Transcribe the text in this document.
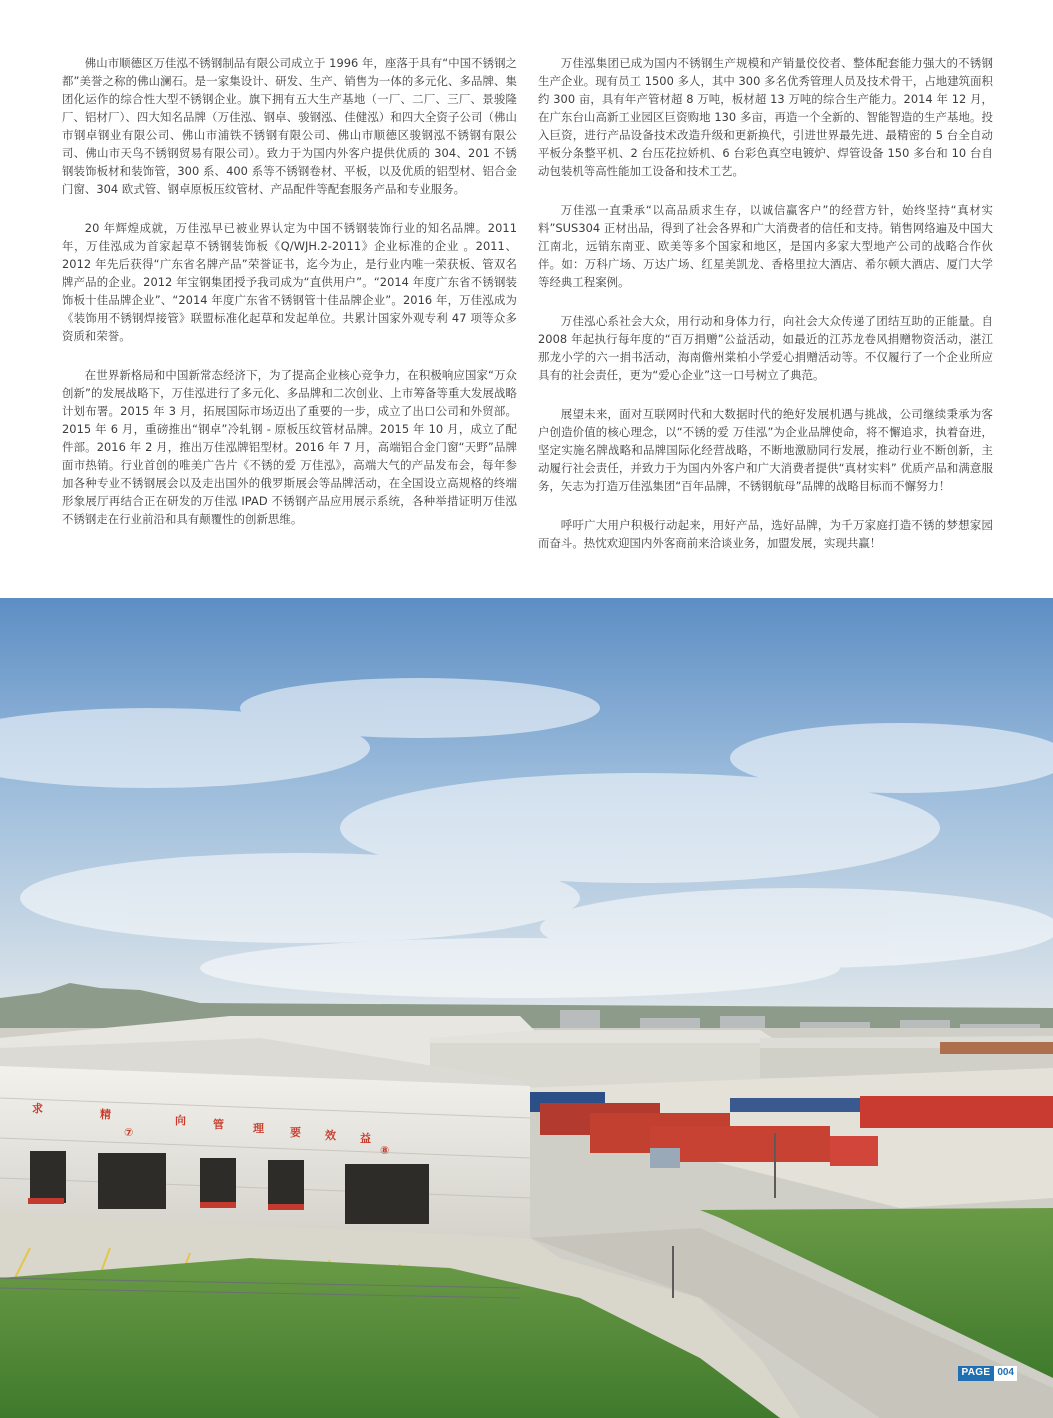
佛山市顺德区万佳泓不锈钢制品有限公司成立于 1996 年，座落于具有“中国不锈钢之都”美誉之称的佛山澜石。是一家集设计、研发、生产、销售为一体的多元化、多品牌、集团化运作的综合性大型不锈钢企业。旗下拥有五大生产基地（一厂、二厂、三厂、景骏隆厂、铝材厂）、四大知名品牌（万佳泓、钢卓、骏钢泓、佳健泓）和四大全资子公司（佛山市钢卓钢业有限公司、佛山市浦铁不锈钢有限公司、佛山市顺德区骏钢泓不锈钢有限公司、佛山市天鸟不锈钢贸易有限公司）。致力于为国内外客户提供优质的 304、201 不锈钢装饰板材和装饰管，300 系、400 系等不锈钢卷材、平板，以及优质的铝型材、铝合金门窗、304 欧式管、钢卓原板压纹管材、产品配件等配套服务产品和专业服务。

20 年辉煌成就，万佳泓早已被业界认定为中国不锈钢装饰行业的知名品牌。2011 年，万佳泓成为首家起草不锈钢装饰板《Q/WJH.2-2011》企业标准的企业 。2011、2012 年先后获得“广东省名牌产品”荣誉证书，迄今为止，是行业内唯一荣获板、管双名牌产品的企业。2012 年宝钢集团授予我司成为“直供用户”。“2014 年度广东省不锈钢装饰板十佳品牌企业”、“2014 年度广东省不锈钢管十佳品牌企业”。2016 年，万佳泓成为《装饰用不锈钢焊接管》联盟标准化起草和发起单位。共累计国家外观专利 47 项等众多资质和荣誉。

在世界新格局和中国新常态经济下，为了提高企业核心竞争力，在积极响应国家“万众创新”的发展战略下，万佳泓进行了多元化、多品牌和二次创业、上市筹备等重大发展战略计划布署。2015 年 3 月，拓展国际市场迈出了重要的一步，成立了出口公司和外贸部。2015 年 6 月，重磅推出“钢卓”冷轧钢 - 原板压纹管材品牌。2015 年 10 月，成立了配件部。2016 年 2 月，推出万佳泓牌铝型材。2016 年 7 月，高端铝合金门窗“天野”品牌面市热销。行业首创的唯美广告片《不锈的爱 万佳泓》，高端大气的产品发布会，每年参加各种专业不锈钢展会以及走出国外的俄罗斯展会等品牌活动，在全国设立高规格的终端形象展厅再结合正在研发的万佳泓 IPAD 不锈钢产品应用展示系统，各种举措证明万佳泓不锈钢走在行业前沿和具有颠覆性的创新思维。

万佳泓集团已成为国内不锈钢生产规模和产销量佼佼者、整体配套能力强大的不锈钢生产企业。现有员工 1500 多人，其中 300 多名优秀管理人员及技术骨干，占地建筑面积约 300 亩，具有年产管材超 8 万吨，板材超 13 万吨的综合生产能力。2014 年 12 月，在广东台山高新工业园区巨资购地 130 多亩，再造一个全新的、智能智造的生产基地。投入巨资，进行产品设备技术改造升级和更新换代，引进世界最先进、最精密的 5 台全自动平板分条整平机、2 台压花拉娇机、6 台彩色真空电镀炉、焊管设备 150 多台和 10 台自动包装机等高性能加工设备和技术工艺。

万佳泓一直秉承“以高品质求生存，以诚信赢客户”的经营方针，始终坚持“真材实料”SUS304 正材出品，得到了社会各界和广大消费者的信任和支持。销售网络遍及中国大江南北，远销东南亚、欧美等多个国家和地区，是国内多家大型地产公司的战略合作伙伴。如：万科广场、万达广场、红星美凯龙、香格里拉大酒店、希尔顿大酒店、厦门大学等经典工程案例。

万佳泓心系社会大众，用行动和身体力行，向社会大众传递了团结互助的正能量。自 2008 年起执行每年度的“百万捐赠”公益活动，如最近的江苏龙卷风捐赠物资活动，湛江那龙小学的六一捐书活动，海南儋州棠柏小学爱心捐赠活动等。不仅履行了一个企业所应具有的社会责任，更为“爱心企业”这一口号树立了典范。

展望未来，面对互联网时代和大数据时代的绝好发展机遇与挑战，公司继续秉承为客户创造价值的核心理念，以“不锈的爱 万佳泓”为企业品牌使命，将不懈追求，执着奋进，坚定实施名牌战略和品牌国际化经营战略，不断地激励同行发展，推动行业不断创新，主动履行社会责任，并致力于为国内外客户和广大消费者提供“真材实料” 优质产品和满意服务，矢志为打造万佳泓集团“百年品牌，不锈钢航母”品牌的战略目标而不懈努力！

呼吁广大用户积极行动起来，用好产品，选好品牌，为千万家庭打造不锈的梦想家园而奋斗。热忱欢迎国内外客商前来洽谈业务，加盟发展，实现共赢！

求	精	向 管	理 要 效 益
⑦
⑧
PAGE 004
